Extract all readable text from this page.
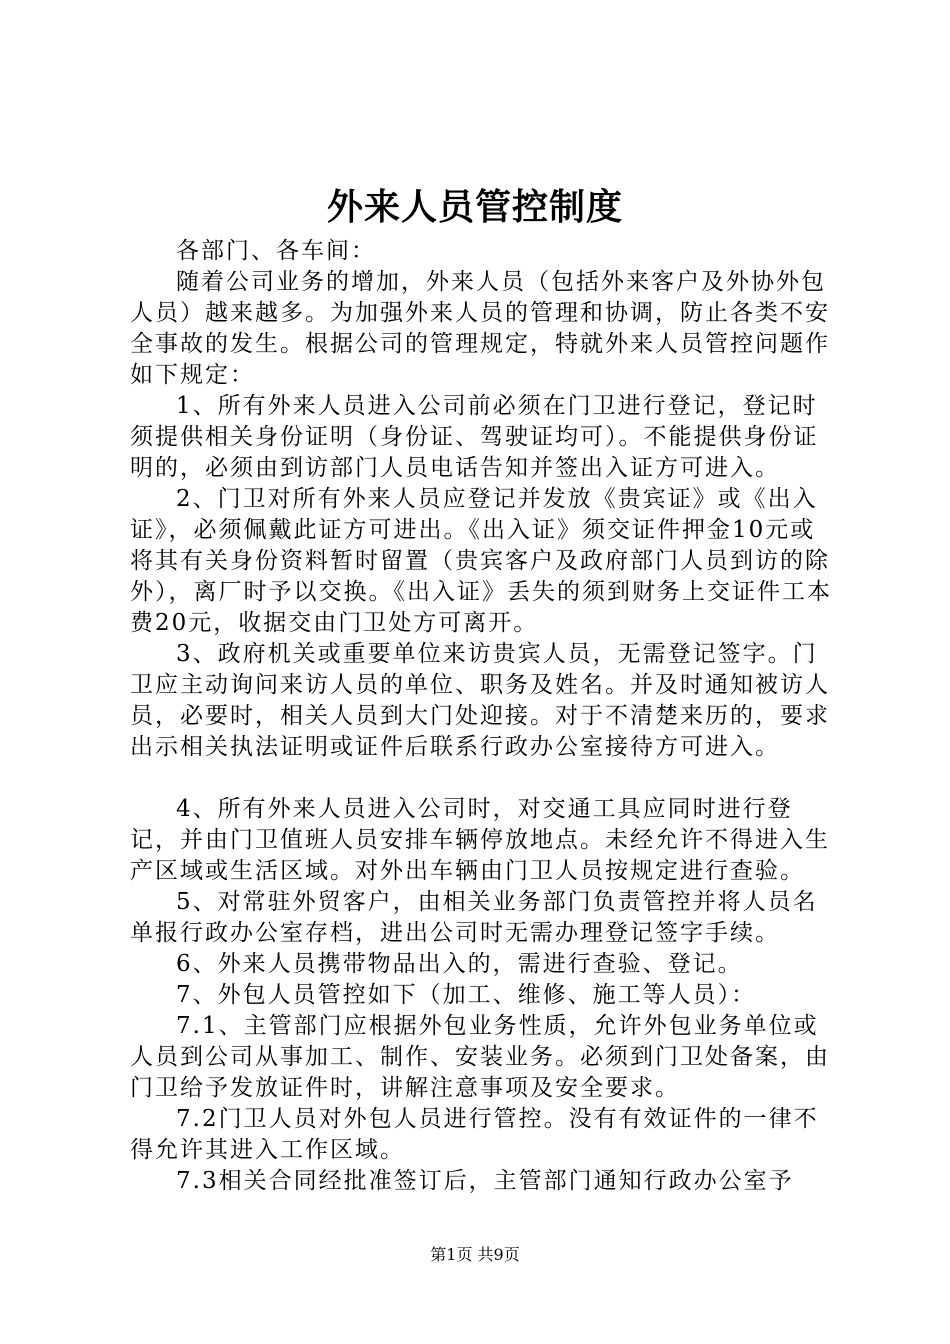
外来人员管控制度

各部门、各车间：

随着公司业务的增加，外来人员（包括外来客户及外协外包人员）越来越多。为加强外来人员的管理和协调，防止各类不安全事故的发生。根据公司的管理规定，特就外来人员管控问题作如下规定：

1、所有外来人员进入公司前必须在门卫进行登记，登记时须提供相关身份证明（身份证、驾驶证均可）。不能提供身份证明的，必须由到访部门人员电话告知并签出入证方可进入。

2、门卫对所有外来人员应登记并发放《贵宾证》或《出入证》，必须佩戴此证方可进出。《出入证》须交证件押金10元或将其有关身份资料暂时留置（贵宾客户及政府部门人员到访的除外），离厂时予以交换。《出入证》丢失的须到财务上交证件工本费20元，收据交由门卫处方可离开。

3、政府机关或重要单位来访贵宾人员，无需登记签字。门卫应主动询问来访人员的单位、职务及姓名。并及时通知被访人员，必要时，相关人员到大门处迎接。对于不清楚来历的，要求出示相关执法证明或证件后联系行政办公室接待方可进入。

4、所有外来人员进入公司时，对交通工具应同时进行登记，并由门卫值班人员安排车辆停放地点。未经允许不得进入生产区域或生活区域。对外出车辆由门卫人员按规定进行查验。

5、对常驻外贸客户，由相关业务部门负责管控并将人员名单报行政办公室存档，进出公司时无需办理登记签字手续。

6、外来人员携带物品出入的，需进行查验、登记。

7、外包人员管控如下（加工、维修、施工等人员）：

7.1、主管部门应根据外包业务性质，允许外包业务单位或人员到公司从事加工、制作、安装业务。必须到门卫处备案，由门卫给予发放证件时，讲解注意事项及安全要求。

7.2门卫人员对外包人员进行管控。没有有效证件的一律不得允许其进入工作区域。

7.3相关合同经批准签订后，主管部门通知行政办公室予

第1页 共9页
